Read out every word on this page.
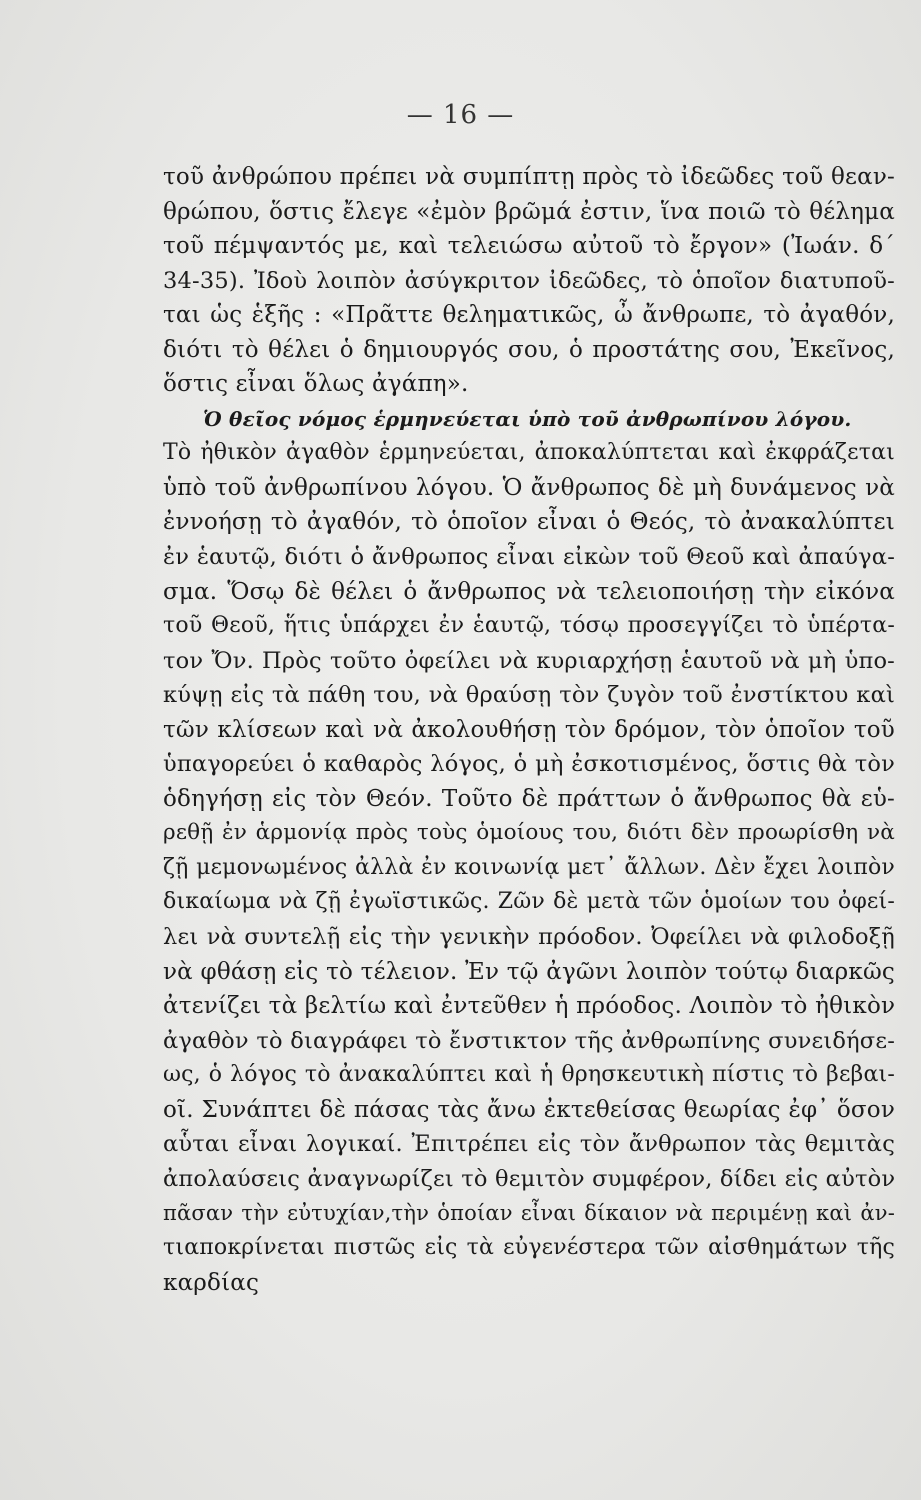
— 16 —
τοῦ ἀνθρώπου πρέπει νὰ συμπίπτῃ πρὸς τὸ ἰδεῶδες τοῦ θεαν-
θρώπου, ὅστις ἔλεγε «ἐμὸν βρῶμά ἐστιν, ἵνα ποιῶ τὸ θέλημα
τοῦ πέμψαντός με, καὶ τελειώσω αὐτοῦ τὸ ἔργον» (Ἰωάν. δ΄
34-35). Ἰδοὺ λοιπὸν ἀσύγκριτον ἰδεῶδες, τὸ ὁποῖον διατυποῦ-
ται ὡς ἑξῆς : «Πρᾶττε θεληματικῶς, ὦ ἄνθρωπε, τὸ ἀγαθόν,
διότι τὸ θέλει ὁ δημιουργός σου, ὁ προστάτης σου, Ἐκεῖνος,
ὅστις εἶναι ὅλως ἀγάπη».
Ὁ θεῖος νόμος ἑρμηνεύεται ὑπὸ τοῦ ἀνθρωπίνου λόγου.
Τὸ ἠθικὸν ἀγαθὸν ἑρμηνεύεται, ἀποκαλύπτεται καὶ ἐκφράζεται
ὑπὸ τοῦ ἀνθρωπίνου λόγου. Ὁ ἄνθρωπος δὲ μὴ δυνάμενος νὰ
ἐννοήσῃ τὸ ἀγαθόν, τὸ ὁποῖον εἶναι ὁ Θεός, τὸ ἀνακαλύπτει
ἐν ἑαυτῷ, διότι ὁ ἄνθρωπος εἶναι εἰκὼν τοῦ Θεοῦ καὶ ἀπαύγα-
σμα. Ὅσῳ δὲ θέλει ὁ ἄνθρωπος νὰ τελειοποιήσῃ τὴν εἰκόνα
τοῦ Θεοῦ, ἥτις ὑπάρχει ἐν ἑαυτῷ, τόσῳ προσεγγίζει τὸ ὑπέρτα-
τον Ὄν. Πρὸς τοῦτο ὀφείλει νὰ κυριαρχήσῃ ἑαυτοῦ νὰ μὴ ὑπο-
κύψῃ εἰς τὰ πάθη του, νὰ θραύσῃ τὸν ζυγὸν τοῦ ἐνστίκτου καὶ
τῶν κλίσεων καὶ νὰ ἀκολουθήσῃ τὸν δρόμον, τὸν ὁποῖον τοῦ
ὑπαγορεύει ὁ καθαρὸς λόγος, ὁ μὴ ἐσκοτισμένος, ὅστις θὰ τὸν
ὁδηγήσῃ εἰς τὸν Θεόν. Τοῦτο δὲ πράττων ὁ ἄνθρωπος θὰ εὑ-
ρεθῇ ἐν ἁρμονίᾳ πρὸς τοὺς ὁμοίους του, διότι δὲν προωρίσθη νὰ
ζῇ μεμονωμένος ἀλλὰ ἐν κοινωνίᾳ μετ᾽ ἄλλων. Δὲν ἔχει λοιπὸν
δικαίωμα νὰ ζῇ ἐγωϊστικῶς. Ζῶν δὲ μετὰ τῶν ὁμοίων του ὀφεί-
λει νὰ συντελῇ εἰς τὴν γενικὴν πρόοδον. Ὀφείλει νὰ φιλοδοξῇ
νὰ φθάσῃ εἰς τὸ τέλειον. Ἐν τῷ ἀγῶνι λοιπὸν τούτῳ διαρκῶς
ἀτενίζει τὰ βελτίω καὶ ἐντεῦθεν ἡ πρόοδος. Λοιπὸν τὸ ἠθικὸν
ἀγαθὸν τὸ διαγράφει τὸ ἔνστικτον τῆς ἀνθρωπίνης συνειδήσε-
ως, ὁ λόγος τὸ ἀνακαλύπτει καὶ ἡ θρησκευτικὴ πίστις τὸ βεβαι-
οῖ. Συνάπτει δὲ πάσας τὰς ἄνω ἐκτεθείσας θεωρίας ἐφ᾽ ὅσον
αὗται εἶναι λογικαί. Ἐπιτρέπει εἰς τὸν ἄνθρωπον τὰς θεμιτὰς
ἀπολαύσεις ἀναγνωρίζει τὸ θεμιτὸν συμφέρον, δίδει εἰς αὐτὸν
πᾶσαν τὴν εὐτυχίαν,τὴν ὁποίαν εἶναι δίκαιον νὰ περιμένῃ καὶ ἀν-
τιαποκρίνεται πιστῶς εἰς τὰ εὐγενέστερα τῶν αἰσθημάτων τῆς
καρδίας
